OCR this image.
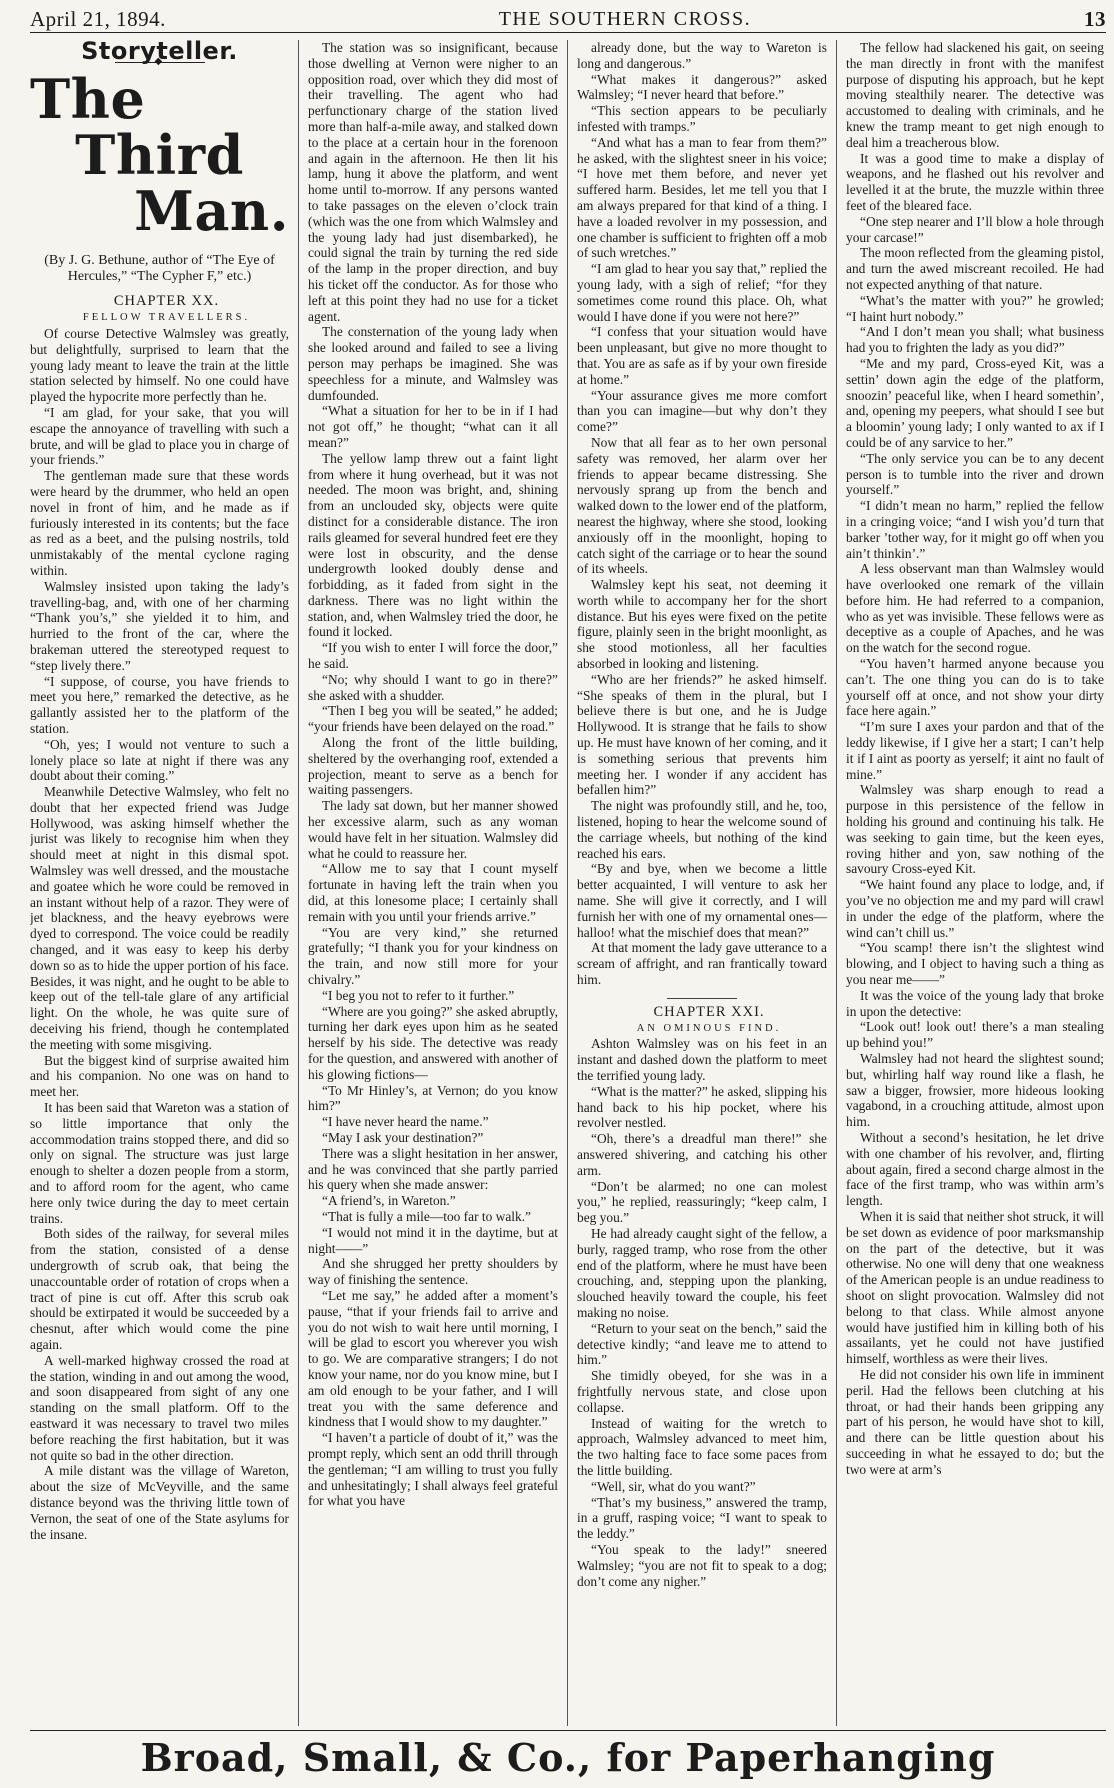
April 21, 1894.	THE SOUTHERN CROSS.	13
Storyteller.
◆
The
Third
Man.

(By J. G. Bethune, author of “The Eye of Hercules,” “The Cypher F,” etc.)

CHAPTER XX.

FELLOW TRAVELLERS.

Of course Detective Walmsley was greatly, but delightfully, surprised to learn that the young lady meant to leave the train at the little station selected by himself. No one could have played the hypocrite more perfectly than he.

“I am glad, for your sake, that you will escape the annoyance of travelling with such a brute, and will be glad to place you in charge of your friends.”

The gentleman made sure that these words were heard by the drummer, who held an open novel in front of him, and he made as if furiously interested in its contents; but the face as red as a beet, and the pulsing nostrils, told unmistakably of the mental cyclone raging within.

Walmsley insisted upon taking the lady’s travelling-bag, and, with one of her charming “Thank you’s,” she yielded it to him, and hurried to the front of the car, where the brakeman uttered the stereotyped request to “step lively there.”

“I suppose, of course, you have friends to meet you here,” remarked the detective, as he gallantly assisted her to the platform of the station.

“Oh, yes; I would not venture to such a lonely place so late at night if there was any doubt about their coming.”

Meanwhile Detective Walmsley, who felt no doubt that her expected friend was Judge Hollywood, was asking himself whether the jurist was likely to recognise him when they should meet at night in this dismal spot. Walmsley was well dressed, and the moustache and goatee which he wore could be removed in an instant without help of a razor. They were of jet blackness, and the heavy eyebrows were dyed to correspond. The voice could be readily changed, and it was easy to keep his derby down so as to hide the upper portion of his face. Besides, it was night, and he ought to be able to keep out of the tell-tale glare of any artificial light. On the whole, he was quite sure of deceiving his friend, though he contemplated the meeting with some misgiving.

But the biggest kind of surprise awaited him and his companion. No one was on hand to meet her.

It has been said that Wareton was a station of so little importance that only the accommodation trains stopped there, and did so only on signal. The structure was just large enough to shelter a dozen people from a storm, and to afford room for the agent, who came here only twice during the day to meet certain trains.

Both sides of the railway, for several miles from the station, consisted of a dense undergrowth of scrub oak, that being the unaccountable order of rotation of crops when a tract of pine is cut off. After this scrub oak should be extirpated it would be succeeded by a chesnut, after which would come the pine again.

A well-marked highway crossed the road at the station, winding in and out among the wood, and soon disappeared from sight of any one standing on the small platform. Off to the eastward it was necessary to travel two miles before reaching the first habitation, but it was not quite so bad in the other direction.

A mile distant was the village of Wareton, about the size of McVeyville, and the same distance beyond was the thriving little town of Vernon, the seat of one of the State asylums for the insane.

The station was so insignificant, because those dwelling at Vernon were nigher to an opposition road, over which they did most of their travelling. The agent who had perfunctionary charge of the station lived more than half-a-mile away, and stalked down to the place at a certain hour in the forenoon and again in the afternoon. He then lit his lamp, hung it above the platform, and went home until to-morrow. If any persons wanted to take passages on the eleven o’clock train (which was the one from which Walmsley and the young lady had just disembarked), he could signal the train by turning the red side of the lamp in the proper direction, and buy his ticket off the conductor. As for those who left at this point they had no use for a ticket agent.

The consternation of the young lady when she looked around and failed to see a living person may perhaps be imagined. She was speechless for a minute, and Walmsley was dumfounded.

“What a situation for her to be in if I had not got off,” he thought; “what can it all mean?”

The yellow lamp threw out a faint light from where it hung overhead, but it was not needed. The moon was bright, and, shining from an unclouded sky, objects were quite distinct for a considerable distance. The iron rails gleamed for several hundred feet ere they were lost in obscurity, and the dense undergrowth looked doubly dense and forbidding, as it faded from sight in the darkness. There was no light within the station, and, when Walmsley tried the door, he found it locked.

“If you wish to enter I will force the door,” he said.

“No; why should I want to go in there?” she asked with a shudder.

“Then I beg you will be seated,” he added; “your friends have been delayed on the road.”

Along the front of the little building, sheltered by the overhanging roof, extended a projection, meant to serve as a bench for waiting passengers.

The lady sat down, but her manner showed her excessive alarm, such as any woman would have felt in her situation. Walmsley did what he could to reassure her.

“Allow me to say that I count myself fortunate in having left the train when you did, at this lonesome place; I certainly shall remain with you until your friends arrive.”

“You are very kind,” she returned gratefully; “I thank you for your kindness on the train, and now still more for your chivalry.”

“I beg you not to refer to it further.”

“Where are you going?” she asked abruptly, turning her dark eyes upon him as he seated herself by his side. The detective was ready for the question, and answered with another of his glowing fictions—

“To Mr Hinley’s, at Vernon; do you know him?”

“I have never heard the name.”

“May I ask your destination?”

There was a slight hesitation in her answer, and he was convinced that she partly parried his query when she made answer:

“A friend’s, in Wareton.”

“That is fully a mile—too far to walk.”

“I would not mind it in the daytime, but at night——”

And she shrugged her pretty shoulders by way of finishing the sentence.

“Let me say,” he added after a moment’s pause, “that if your friends fail to arrive and you do not wish to wait here until morning, I will be glad to escort you wherever you wish to go. We are comparative strangers; I do not know your name, nor do you know mine, but I am old enough to be your father, and I will treat you with the same deference and kindness that I would show to my daughter.”

“I haven’t a particle of doubt of it,” was the prompt reply, which sent an odd thrill through the gentleman; “I am willing to trust you fully and unhesitatingly; I shall always feel grateful for what you have

already done, but the way to Wareton is long and dangerous.”

“What makes it dangerous?” asked Walmsley; “I never heard that before.”

“This section appears to be peculiarly infested with tramps.”

“And what has a man to fear from them?” he asked, with the slightest sneer in his voice; “I hove met them before, and never yet suffered harm. Besides, let me tell you that I am always prepared for that kind of a thing. I have a loaded revolver in my possession, and one chamber is sufficient to frighten off a mob of such wretches.”

“I am glad to hear you say that,” replied the young lady, with a sigh of relief; “for they sometimes come round this place. Oh, what would I have done if you were not here?”

“I confess that your situation would have been unpleasant, but give no more thought to that. You are as safe as if by your own fireside at home.”

“Your assurance gives me more comfort than you can imagine—but why don’t they come?”

Now that all fear as to her own personal safety was removed, her alarm over her friends to appear became distressing. She nervously sprang up from the bench and walked down to the lower end of the platform, nearest the highway, where she stood, looking anxiously off in the moonlight, hoping to catch sight of the carriage or to hear the sound of its wheels.

Walmsley kept his seat, not deeming it worth while to accompany her for the short distance. But his eyes were fixed on the petite figure, plainly seen in the bright moonlight, as she stood motionless, all her faculties absorbed in looking and listening.

“Who are her friends?” he asked himself. “She speaks of them in the plural, but I believe there is but one, and he is Judge Hollywood. It is strange that he fails to show up. He must have known of her coming, and it is something serious that prevents him meeting her. I wonder if any accident has befallen him?”

The night was profoundly still, and he, too, listened, hoping to hear the welcome sound of the carriage wheels, but nothing of the kind reached his ears.

“By and bye, when we become a little better acquainted, I will venture to ask her name. She will give it correctly, and I will furnish her with one of my ornamental ones—halloo! what the mischief does that mean?”

At that moment the lady gave utterance to a scream of affright, and ran frantically toward him.

CHAPTER XXI.

AN OMINOUS FIND.

Ashton Walmsley was on his feet in an instant and dashed down the platform to meet the terrified young lady.

“What is the matter?” he asked, slipping his hand back to his hip pocket, where his revolver nestled.

“Oh, there’s a dreadful man there!” she answered shivering, and catching his other arm.

“Don’t be alarmed; no one can molest you,” he replied, reassuringly; “keep calm, I beg you.”

He had already caught sight of the fellow, a burly, ragged tramp, who rose from the other end of the platform, where he must have been crouching, and, stepping upon the planking, slouched heavily toward the couple, his feet making no noise.

“Return to your seat on the bench,” said the detective kindly; “and leave me to attend to him.”

She timidly obeyed, for she was in a frightfully nervous state, and close upon collapse.

Instead of waiting for the wretch to approach, Walmsley advanced to meet him, the two halting face to face some paces from the little building.

“Well, sir, what do you want?”

“That’s my business,” answered the tramp, in a gruff, rasping voice; “I want to speak to the leddy.”

“You speak to the lady!” sneered Walmsley; “you are not fit to speak to a dog; don’t come any nigher.”

The fellow had slackened his gait, on seeing the man directly in front with the manifest purpose of disputing his approach, but he kept moving stealthily nearer. The detective was accustomed to dealing with criminals, and he knew the tramp meant to get nigh enough to deal him a treacherous blow.

It was a good time to make a display of weapons, and he flashed out his revolver and levelled it at the brute, the muzzle within three feet of the bleared face.

“One step nearer and I’ll blow a hole through your carcase!”

The moon reflected from the gleaming pistol, and turn the awed miscreant recoiled. He had not expected anything of that nature.

“What’s the matter with you?” he growled; “I haint hurt nobody.”

“And I don’t mean you shall; what business had you to frighten the lady as you did?”

“Me and my pard, Cross-eyed Kit, was a settin’ down agin the edge of the platform, snoozin’ peaceful like, when I heard somethin’, and, opening my peepers, what should I see but a bloomin’ young lady; I only wanted to ax if I could be of any sarvice to her.”

“The only service you can be to any decent person is to tumble into the river and drown yourself.”

“I didn’t mean no harm,” replied the fellow in a cringing voice; “and I wish you’d turn that barker ’tother way, for it might go off when you ain’t thinkin’.”

A less observant man than Walmsley would have overlooked one remark of the villain before him. He had referred to a companion, who as yet was invisible. These fellows were as deceptive as a couple of Apaches, and he was on the watch for the second rogue.

“You haven’t harmed anyone because you can’t. The one thing you can do is to take yourself off at once, and not show your dirty face here again.”

“I’m sure I axes your pardon and that of the leddy likewise, if I give her a start; I can’t help it if I aint as poorty as yerself; it aint no fault of mine.”

Walmsley was sharp enough to read a purpose in this persistence of the fellow in holding his ground and continuing his talk. He was seeking to gain time, but the keen eyes, roving hither and yon, saw nothing of the savoury Cross-eyed Kit.

“We haint found any place to lodge, and, if you’ve no objection me and my pard will crawl in under the edge of the platform, where the wind can’t chill us.”

“You scamp! there isn’t the slightest wind blowing, and I object to having such a thing as you near me——”

It was the voice of the young lady that broke in upon the detective:

“Look out! look out! there’s a man stealing up behind you!”

Walmsley had not heard the slightest sound; but, whirling half way round like a flash, he saw a bigger, frowsier, more hideous looking vagabond, in a crouching attitude, almost upon him.

Without a second’s hesitation, he let drive with one chamber of his revolver, and, flirting about again, fired a second charge almost in the face of the first tramp, who was within arm’s length.

When it is said that neither shot struck, it will be set down as evidence of poor marksmanship on the part of the detective, but it was otherwise. No one will deny that one weakness of the American people is an undue readiness to shoot on slight provocation. Walmsley did not belong to that class. While almost anyone would have justified him in killing both of his assailants, yet he could not have justified himself, worthless as were their lives.

He did not consider his own life in imminent peril. Had the fellows been clutching at his throat, or had their hands been gripping any part of his person, he would have shot to kill, and there can be little question about his succeeding in what he essayed to do; but the two were at arm’s

Broad, Small, & Co., for Paperhanging
